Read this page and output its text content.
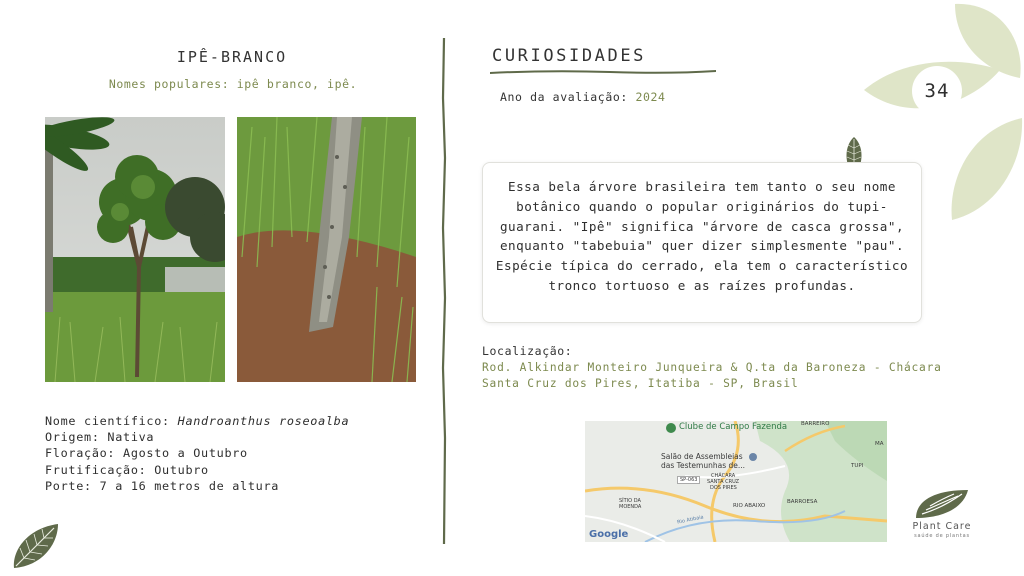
IPÊ-BRANCO
Nomes populares: ipê branco, ipê.
Nome científico: Handroanthus roseoalba
Origem: Nativa
Floração: Agosto a Outubro
Frutificação: Outubro
Porte: 7 a 16 metros de altura
CURIOSIDADES
Ano da avaliação: 2024
Essa bela árvore brasileira tem tanto o seu nome botânico quando o popular originários do tupi-guarani. "Ipê" significa "árvore de casca grossa", enquanto "tabebuia" quer dizer simplesmente "pau". Espécie típica do cerrado, ela tem o característico tronco tortuoso e as raízes profundas.
Localização:
Rod. Alkindar Monteiro Junqueira & Q.ta da Baroneza - Chácara Santa Cruz dos Pires, Itatiba - SP, Brasil
Clube de Campo Fazenda	BARREIRO
Salão de Assembleias
das Testemunhas de...	TUPI
SP-063
CHÁCARA
SANTA CRUZ
DOS PIRES
SÍTIO DA
MOENDA	RIO ABAIXO
BARROESA
MA
Rio Atibaia
Google
34
Plant Care
saúde de plantas
